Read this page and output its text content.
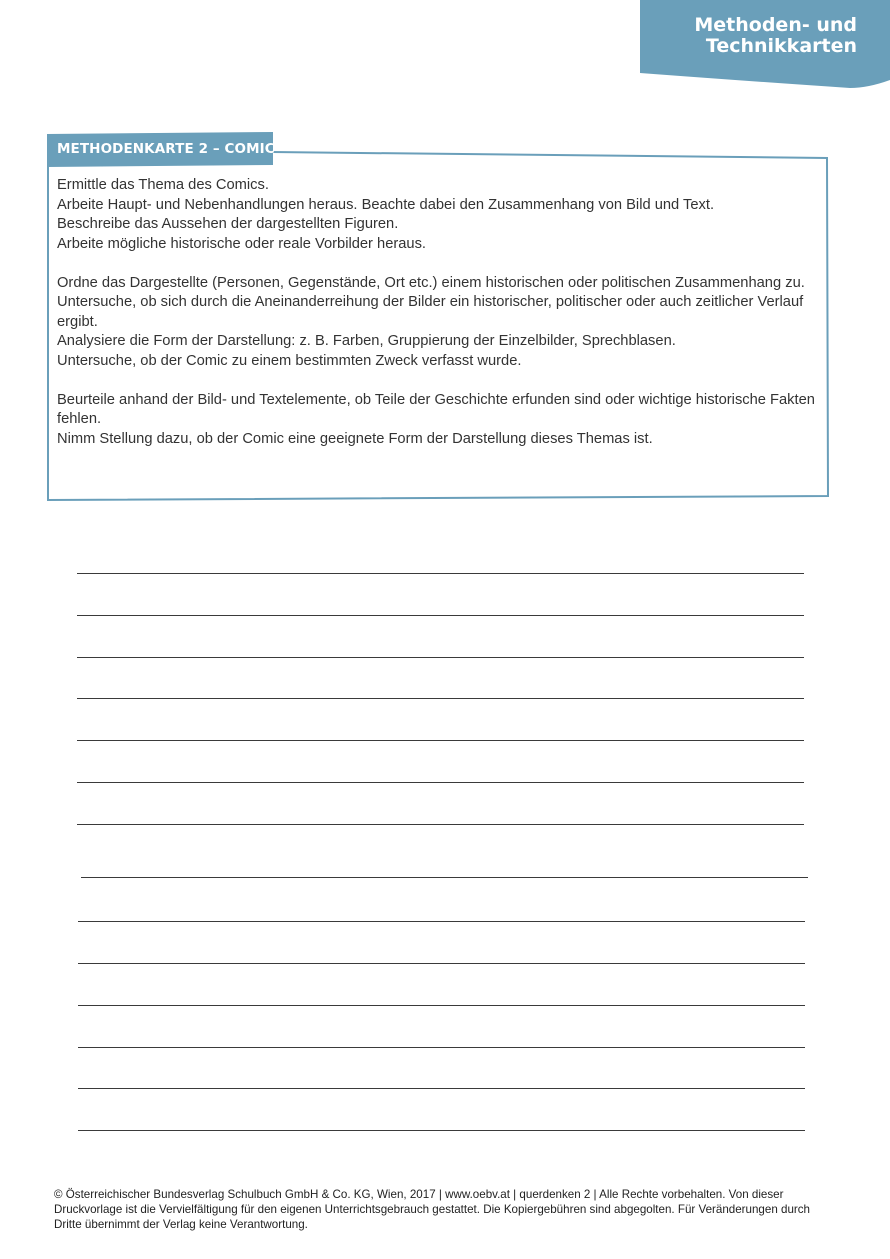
Methoden- und
Technikkarten
METHODENKARTE 2 – COMIC

Ermittle das Thema des Comics.

Arbeite Haupt- und Nebenhandlungen heraus. Beachte dabei den Zusammenhang von Bild und Text.

Beschreibe das Aussehen der dargestellten Figuren.

Arbeite mögliche historische oder reale Vorbilder heraus.

Ordne das Dargestellte (Personen, Gegenstände, Ort etc.) einem historischen oder politischen Zusammenhang zu.

Untersuche, ob sich durch die Aneinanderreihung der Bilder ein historischer, politischer oder auch zeitlicher Verlauf ergibt.

Analysiere die Form der Darstellung: z. B. Farben, Gruppierung der Einzelbilder, Sprechblasen.

Untersuche, ob der Comic zu einem bestimmten Zweck verfasst wurde.

Beurteile anhand der Bild- und Textelemente, ob Teile der Geschichte erfunden sind oder wichtige historische Fakten fehlen.

Nimm Stellung dazu, ob der Comic eine geeignete Form der Darstellung dieses Themas ist.

© Österreichischer Bundesverlag Schulbuch GmbH & Co. KG, Wien, 2017 | www.oebv.at | querdenken 2 | Alle Rechte vorbehalten. Von dieser Druckvorlage ist die Vervielfältigung für den eigenen Unterrichtsgebrauch gestattet. Die Kopiergebühren sind abgegolten. Für Veränderungen durch Dritte übernimmt der Verlag keine Verantwortung.
